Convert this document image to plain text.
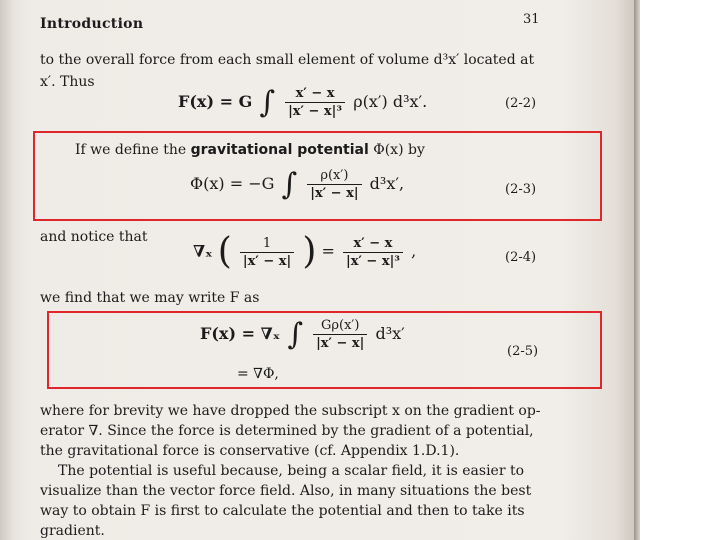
Introduction	31
to the overall force from each small element of volume d³x′ located at
x′. Thus
F(x) = G ∫ $\frac{x' - x}{\text{|x′ − x|³}} \rho(x')$ d³x′.	(2-2)
If we define the gravitational potential Φ(x) by
Φ(x) = −G ∫ $\frac{\rho(x')}{|x' - x|} d^3x'$,	(2-3)
and notice that
∇ₓ ( $\frac{1}{|x' - x|}$ ) = $\frac{x' - x}{\text{|x′ − x|³}}$ ,	(2-4)
we find that we may write F as
F(x) = ∇ₓ ∫ $\frac{G\rho(x')}{|x' - x|} d^3x'$
(2-5)
= ∇Φ,
where for brevity we have dropped the subscript x on the gradient op-
erator ∇. Since the force is determined by the gradient of a potential,
the gravitational force is conservative (cf. Appendix 1.D.1).
The potential is useful because, being a scalar field, it is easier to
visualize than the vector force field. Also, in many situations the best
way to obtain F is first to calculate the potential and then to take its
gradient.
